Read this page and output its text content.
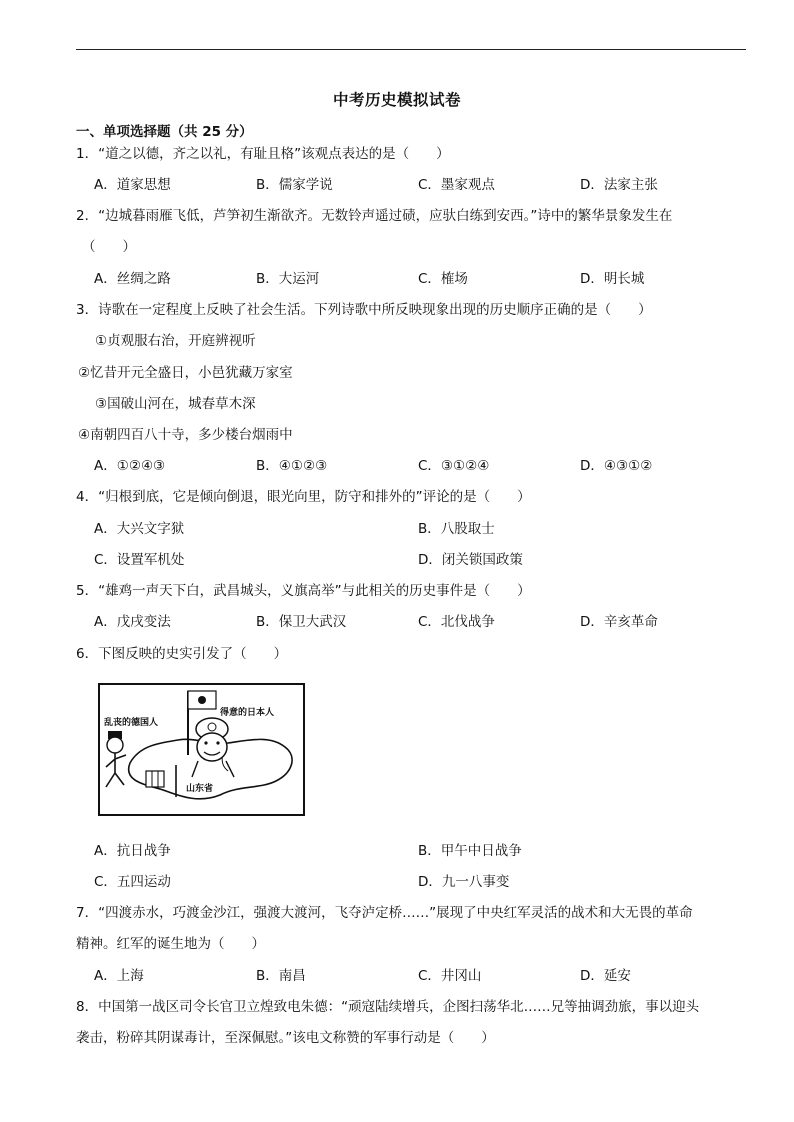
中考历史模拟试卷
一、单项选择题（共 25 分）
1．“道之以德，齐之以礼，有耻且格”该观点表达的是（　　）
A．道家思想	B．儒家学说	C．墨家观点	D．法家主张
2．“边城暮雨雁飞低，芦笋初生渐欲齐。无数铃声遥过碛，应驮白练到安西。”诗中的繁华景象发生在
（　　）
A．丝绸之路	B．大运河	C．榷场	D．明长城
3．诗歌在一定程度上反映了社会生活。下列诗歌中所反映现象出现的历史顺序正确的是（　　）
①贞观服右治，开庭辨视听
②忆昔开元全盛日，小邑犹藏万家室
③国破山河在，城春草木深
④南朝四百八十寺，多少楼台烟雨中
A．①②④③	B．④①②③	C．③①②④	D．④③①②
4．“归根到底，它是倾向倒退，眼光向里，防守和排外的”评论的是（　　）
A．大兴文字狱	B．八股取士
C．设置军机处	D．闭关锁国政策
5．“雄鸡一声天下白，武昌城头，义旗高举”与此相关的历史事件是（　　）
A．戊戌变法	B．保卫大武汉	C．北伐战争	D．辛亥革命
6．下图反映的史实引发了（　　）
乱丧的德国人
得意的日本人
山东省
A．抗日战争	B．甲午中日战争
C．五四运动	D．九一八事变
7．“四渡赤水，巧渡金沙江，强渡大渡河，飞夺泸定桥……”展现了中央红军灵活的战术和大无畏的革命
精神。红军的诞生地为（　　）
A．上海	B．南昌	C．井冈山	D．延安
8．中国第一战区司令长官卫立煌致电朱德：“顽寇陆续增兵，企图扫荡华北……兄等抽调劲旅，事以迎头
袭击，粉碎其阴谋毒计，至深佩慰。”该电文称赞的军事行动是（　　）
